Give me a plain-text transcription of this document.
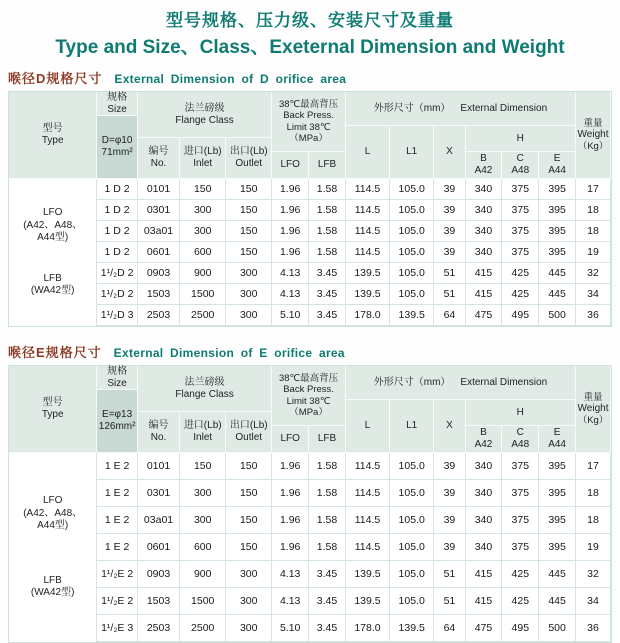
型号规格、压力级、安装尺寸及重量
Type and Size、Class、Exeternal Dimension and Weight
喉径D规格尺寸 External Dimension of D orifice area
型号
Type
规格
Size
D=φ10
71mm²
法兰磅级
Flange Class
编号
No.
进口(Lb)
Inlet
出口(Lb)
Outlet
38℃最高背压
Back Press.
Limit 38℃
（MPa）
LFO	LFB
外形尺寸（mm） External Dimension
L	L1	X
H
B
A42
C
A48
E
A44
重量
Weight
（Kg）
LFO
(A42、A48、
A44型)
LFB
(WA42型)
1 D 2	0101	150	150	1.96	1.58	114.5	105.0	39	340	375	395	17
1 D 2	0301	300	150	1.96	1.58	114.5	105.0	39	340	375	395	18
1 D 2	03a01	300	150	1.96	1.58	114.5	105.0	39	340	375	395	18
1 D 2	0601	600	150	1.96	1.58	114.5	105.0	39	340	375	395	19
1¹/₂D 2	0903	900	300	4.13	3.45	139.5	105.0	51	415	425	445	32
1¹/₂D 2	1503	1500	300	4.13	3.45	139.5	105.0	51	415	425	445	34
1¹/₂D 3	2503	2500	300	5.10	3.45	178.0	139.5	64	475	495	500	36
喉径E规格尺寸 External Dimension of E orifice area
型号
Type
规格
Size
E=φ13
126mm²
法兰磅级
Flange Class
编号
No.
进口(Lb)
Inlet
出口(Lb)
Outlet
38℃最高背压
Back Press.
Limit 38℃
（MPa）
LFO	LFB
外形尺寸（mm） External Dimension
L	L1	X
H
B
A42
C
A48
E
A44
重量
Weight
（Kg）
LFO
(A42、A48、
A44型)
LFB
(WA42型)
1 E 2	0101	150	150	1.96	1.58	114.5	105.0	39	340	375	395	17
1 E 2	0301	300	150	1.96	1.58	114.5	105.0	39	340	375	395	18
1 E 2	03a01	300	150	1.96	1.58	114.5	105.0	39	340	375	395	18
1 E 2	0601	600	150	1.96	1.58	114.5	105.0	39	340	375	395	19
1¹/₂E 2	0903	900	300	4.13	3.45	139.5	105.0	51	415	425	445	32
1¹/₂E 2	1503	1500	300	4.13	3.45	139.5	105.0	51	415	425	445	34
1¹/₂E 3	2503	2500	300	5.10	3.45	178.0	139.5	64	475	495	500	36
